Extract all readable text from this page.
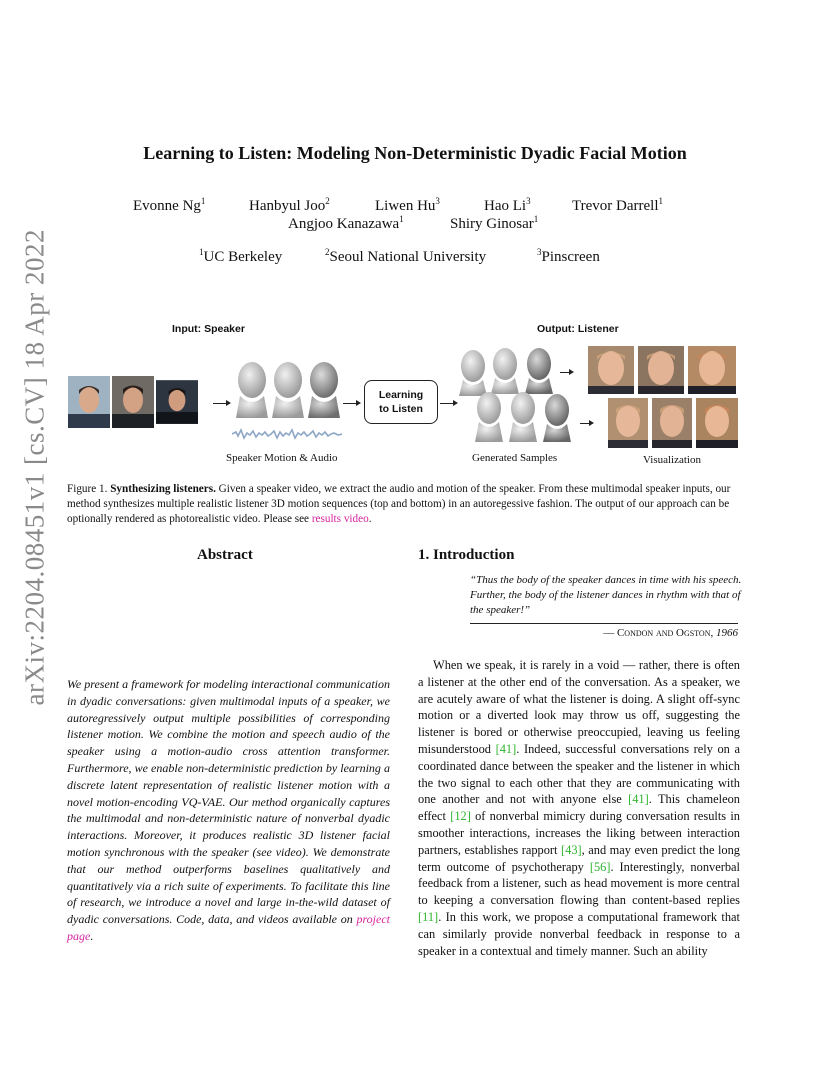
arXiv:2204.08451v1 [cs.CV] 18 Apr 2022
Learning to Listen: Modeling Non-Deterministic Dyadic Facial Motion
Evonne Ng$^1$	Hanbyul Joo$^2$	Liwen Hu$^3$	Hao Li$^3$	Trevor Darrell$^1$
Angjoo Kanazawa$^1$	Shiry Ginosar$^1$
$^1$UC Berkeley	$^2$Seoul National University	$^3$Pinscreen
Input: Speaker	Output: Listener
Speaker Motion & Audio
Learning
to Listen
Generated Samples	Visualization
Figure 1. Synthesizing listeners. Given a speaker video, we extract the audio and motion of the speaker. From these multimodal speaker inputs, our method synthesizes multiple realistic listener 3D motion sequences (top and bottom) in an autoregessive fashion. The output of our approach can be optionally rendered as photorealistic video. Please see results video.
Abstract
We present a framework for modeling interactional communication in dyadic conversations: given multimodal inputs of a speaker, we autoregressively output multiple possibilities of corresponding listener motion. We combine the motion and speech audio of the speaker using a motion-audio cross attention transformer. Furthermore, we enable non-deterministic prediction by learning a discrete latent representation of realistic listener motion with a novel motion-encoding VQ-VAE. Our method organically captures the multimodal and non-deterministic nature of nonverbal dyadic interactions. Moreover, it produces realistic 3D listener facial motion synchronous with the speaker (see video). We demonstrate that our method outperforms baselines qualitatively and quantitatively via a rich suite of experiments. To facilitate this line of research, we introduce a novel and large in-the-wild dataset of dyadic conversations. Code, data, and videos available on project page.
1. Introduction
“Thus the body of the speaker dances in time with his speech. Further, the body of the listener dances in rhythm with that of the speaker!”
— Condon and Ogston, 1966

When we speak, it is rarely in a void — rather, there is often a listener at the other end of the conversation. As a speaker, we are acutely aware of what the listener is doing. A slight off-sync motion or a diverted look may throw us off, suggesting the listener is bored or otherwise preoccupied, leaving us feeling misunderstood [41]. Indeed, successful conversations rely on a coordinated dance between the speaker and the listener in which the two signal to each other that they are communicating with one another and not with anyone else [41]. This chameleon effect [12] of nonverbal mimicry during conversation results in smoother interactions, increases the liking between interaction partners, establishes rapport [43], and may even predict the long term outcome of psychotherapy [56]. Interestingly, nonverbal feedback from a listener, such as head movement is more central to keeping a conversation flowing than content-based replies [11]. In this work, we propose a computational framework that can similarly provide nonverbal feedback in response to a speaker in a contextual and timely manner. Such an ability
